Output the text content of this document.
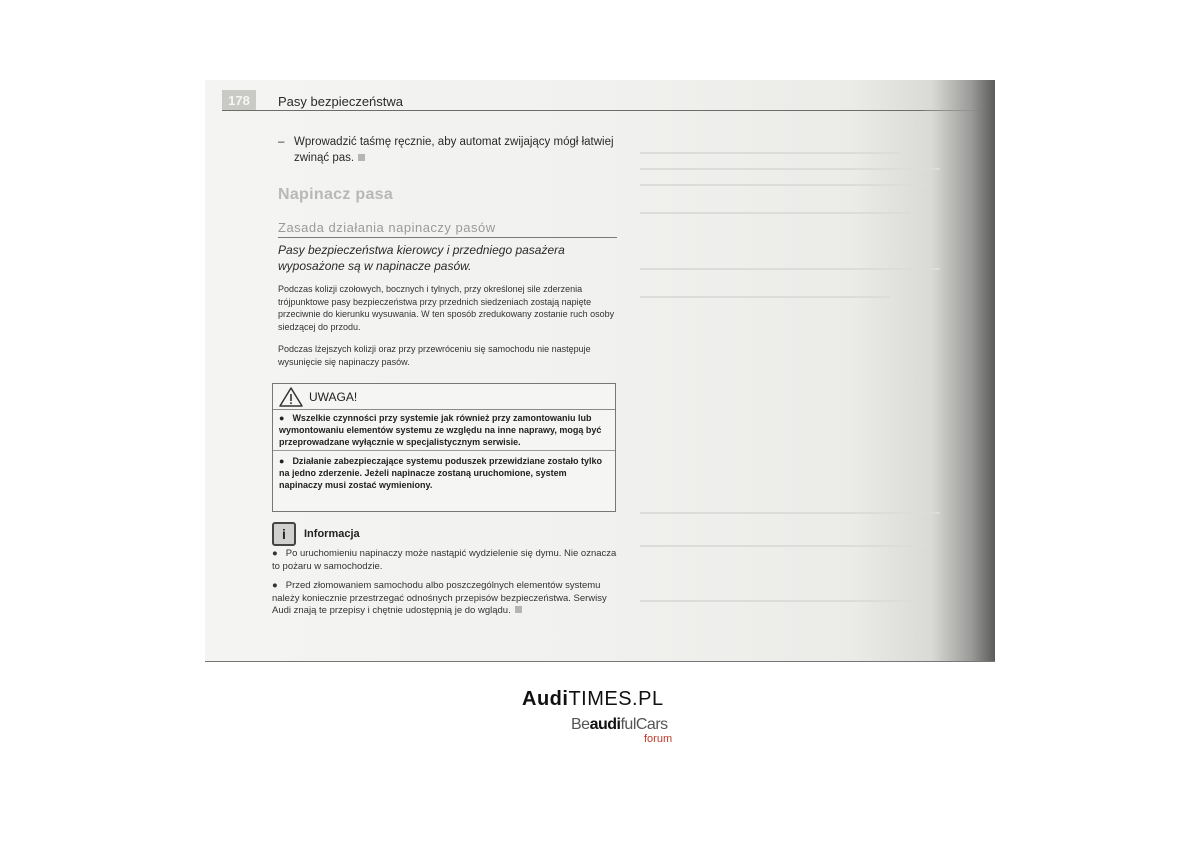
178	Pasy bezpieczeństwa
– Wprowadzić taśmę ręcznie, aby automat zwijający mógł łatwiej zwinąć pas.
Napinacz pasa
Zasada działania napinaczy pasów
Pasy bezpieczeństwa kierowcy i przedniego pasażera wyposażone są w napinacze pasów.
Podczas kolizji czołowych, bocznych i tylnych, przy określonej sile zderzenia trójpunktowe pasy bezpieczeństwa przy przednich siedzeniach zostają napięte przeciwnie do kierunku wysuwania. W ten sposób zredukowany zostanie ruch osoby siedzącej do przodu.
Podczas lżejszych kolizji oraz przy przewróceniu się samochodu nie następuje wysunięcie się napinaczy pasów.
UWAGA!
● Wszelkie czynności przy systemie jak również przy zamontowaniu lub wymontowaniu elementów systemu ze względu na inne naprawy, mogą być przeprowadzane wyłącznie w specjalistycznym serwisie.
● Działanie zabezpieczające systemu poduszek przewidziane zostało tylko na jedno zderzenie. Jeżeli napinacze zostaną uruchomione, system napinaczy musi zostać wymieniony.
i	Informacja
● Po uruchomieniu napinaczy może nastąpić wydzielenie się dymu. Nie oznacza to pożaru w samochodzie.
● Przed złomowaniem samochodu albo poszczególnych elementów systemu należy koniecznie przestrzegać odnośnych przepisów bezpieczeństwa. Serwisy Audi znają te przepisy i chętnie udostępnią je do wglądu.
AudiTIMES.PL
BeaudifulCars
forum
